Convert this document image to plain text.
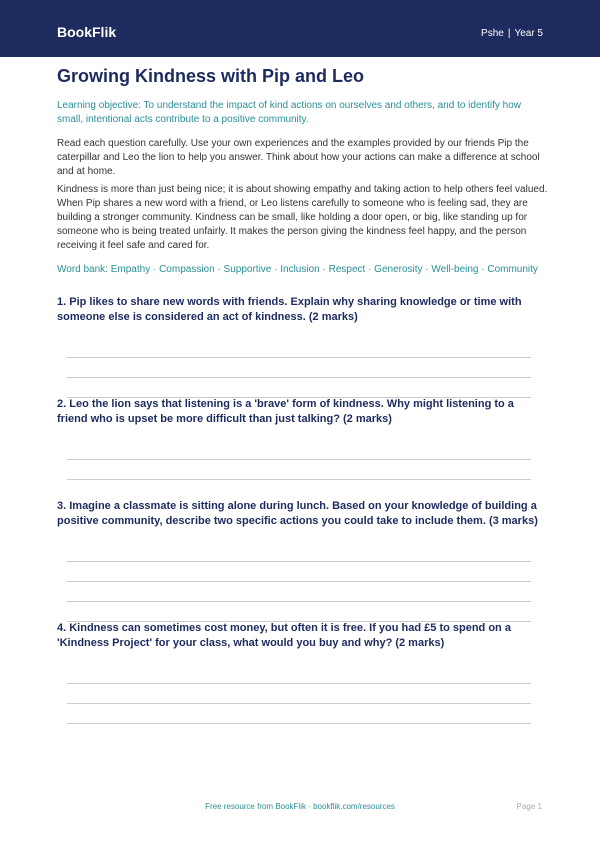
BookFlik	Pshe | Year 5
Growing Kindness with Pip and Leo

Learning objective: To understand the impact of kind actions on ourselves and others, and to identify how small, intentional acts contribute to a positive community.

Read each question carefully. Use your own experiences and the examples provided by our friends Pip the caterpillar and Leo the lion to help you answer. Think about how your actions can make a difference at school and at home.

Kindness is more than just being nice; it is about showing empathy and taking action to help others feel valued. When Pip shares a new word with a friend, or Leo listens carefully to someone who is feeling sad, they are building a stronger community. Kindness can be small, like holding a door open, or big, like standing up for someone who is being treated unfairly. It makes the person giving the kindness feel happy, and the person receiving it feel safe and cared for.

Word bank: Empathy · Compassion · Supportive · Inclusion · Respect · Generosity · Well-being · Community

1. Pip likes to share new words with friends. Explain why sharing knowledge or time with someone else is considered an act of kindness. (2 marks)

2. Leo the lion says that listening is a 'brave' form of kindness. Why might listening to a friend who is upset be more difficult than just talking? (2 marks)

3. Imagine a classmate is sitting alone during lunch. Based on your knowledge of building a positive community, describe two specific actions you could take to include them. (3 marks)

4. Kindness can sometimes cost money, but often it is free. If you had £5 to spend on a 'Kindness Project' for your class, what would you buy and why? (2 marks)

Free resource from BookFlik · bookflik.com/resources	Page 1
